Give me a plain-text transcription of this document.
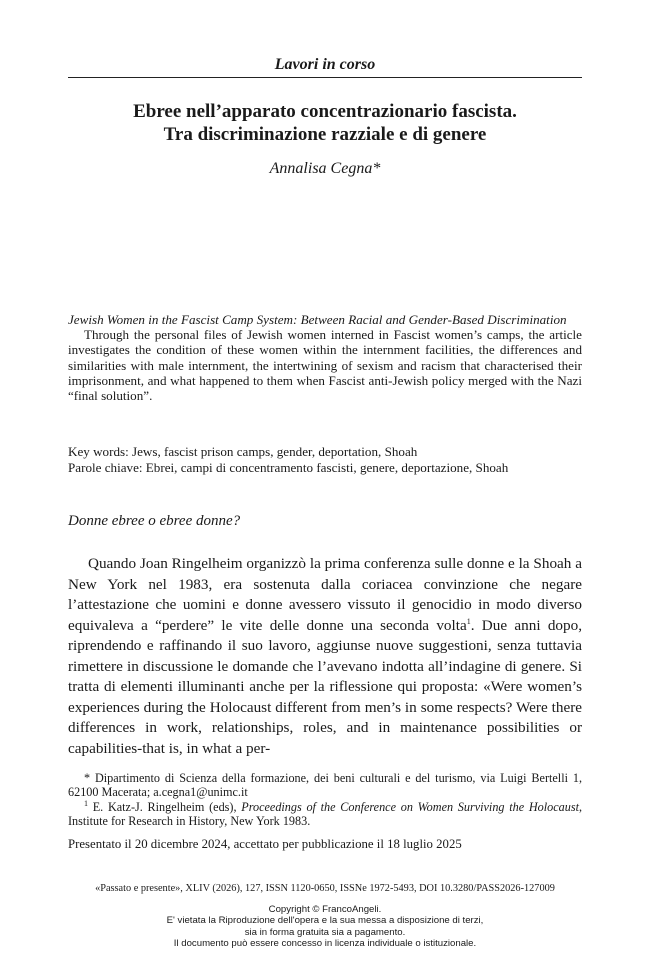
Lavori in corso
Ebree nell’apparato concentrazionario fascista.
Tra discriminazione razziale e di genere
Annalisa Cegna*

Jewish Women in the Fascist Camp System: Between Racial and Gender-Based Discrimination

Through the personal files of Jewish women interned in Fascist women’s camps, the article investigates the condition of these women within the internment facilities, the differences and similarities with male internment, the intertwining of sexism and racism that characterised their imprisonment, and what happened to them when Fascist anti-Jewish policy merged with the Nazi “final solution”.

Key words: Jews, fascist prison camps, gender, deportation, Shoah

Parole chiave: Ebrei, campi di concentramento fascisti, genere, deportazione, Shoah

Donne ebree o ebree donne?

Quando Joan Ringelheim organizzò la prima conferenza sulle donne e la Shoah a New York nel 1983, era sostenuta dalla coriacea convinzione che negare l’attestazione che uomini e donne avessero vissuto il genocidio in modo diverso equivaleva a “perdere” le vite delle donne una seconda volta$^1$. Due anni dopo, riprendendo e raffinando il suo lavoro, aggiunse nuove suggestioni, senza tuttavia rimettere in discussione le domande che l’avevano indotta all’indagine di genere. Si tratta di elementi illuminanti anche per la riflessione qui proposta: «Were women’s experiences during the Holocaust different from men’s in some respects? Were there differences in work, relationships, roles, and in maintenance possibilities or capabilities-that is, in what a per-

* Dipartimento di Scienza della formazione, dei beni culturali e del turismo, via Luigi Bertelli 1, 62100 Macerata; a.cegna1@unimc.it

$^1$ E. Katz-J. Ringelheim (eds), Proceedings of the Conference on Women Surviving the Holocaust, Institute for Research in History, New York 1983.

Presentato il 20 dicembre 2024, accettato per pubblicazione il 18 luglio 2025
«Passato e presente», XLIV (2026), 127, ISSN 1120-0650, ISSNe 1972-5493, DOI 10.3280/PASS2026-127009
Copyright © FrancoAngeli.
E' vietata la Riproduzione dell'opera e la sua messa a disposizione di terzi,
sia in forma gratuita sia a pagamento.
Il documento può essere concesso in licenza individuale o istituzionale.
